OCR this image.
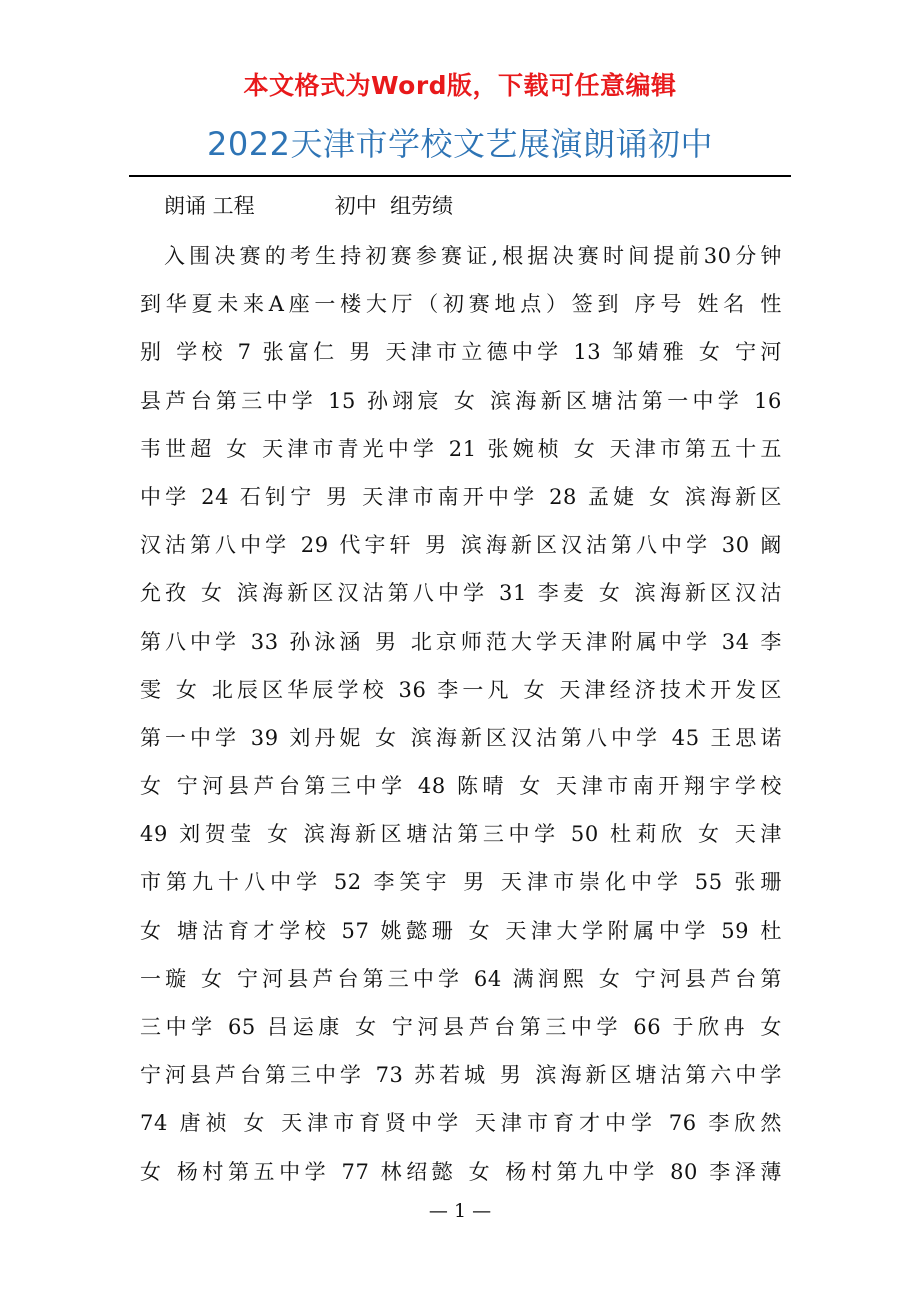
本文格式为Word版，下载可任意编辑
2022天津市学校文艺展演朗诵初中
朗诵 工程            初中  组劳绩
入围决赛的考生持初赛参赛证,根据决赛时间提前30分钟
到华夏未来A座一楼大厅（初赛地点）签到 序号 姓名 性
别 学校 7 张富仁 男 天津市立德中学 13 邹婧雅 女 宁河
县芦台第三中学 15 孙翊宸 女 滨海新区塘沽第一中学 16
韦世超 女 天津市青光中学 21 张婉桢 女 天津市第五十五
中学 24 石钊宁 男 天津市南开中学 28 孟婕 女 滨海新区
汉沽第八中学 29 代宇轩 男 滨海新区汉沽第八中学 30 阚
允孜 女 滨海新区汉沽第八中学 31 李麦 女 滨海新区汉沽
第八中学 33 孙泳涵 男 北京师范大学天津附属中学 34 李
雯 女 北辰区华辰学校 36 李一凡 女 天津经济技术开发区
第一中学 39 刘丹妮 女 滨海新区汉沽第八中学 45 王思诺
女 宁河县芦台第三中学 48 陈晴 女 天津市南开翔宇学校
49 刘贺莹 女 滨海新区塘沽第三中学 50 杜莉欣 女 天津
市第九十八中学 52 李笑宇 男 天津市崇化中学 55 张珊
女 塘沽育才学校 57 姚懿珊 女 天津大学附属中学 59 杜
一璇 女 宁河县芦台第三中学 64 满润熙 女 宁河县芦台第
三中学 65 吕运康 女 宁河县芦台第三中学 66 于欣冉 女
宁河县芦台第三中学 73 苏若城 男 滨海新区塘沽第六中学
74 唐祯 女 天津市育贤中学 天津市育才中学 76 李欣然
女 杨村第五中学 77 林绍懿 女 杨村第九中学 80 李泽薄
— 1 —
